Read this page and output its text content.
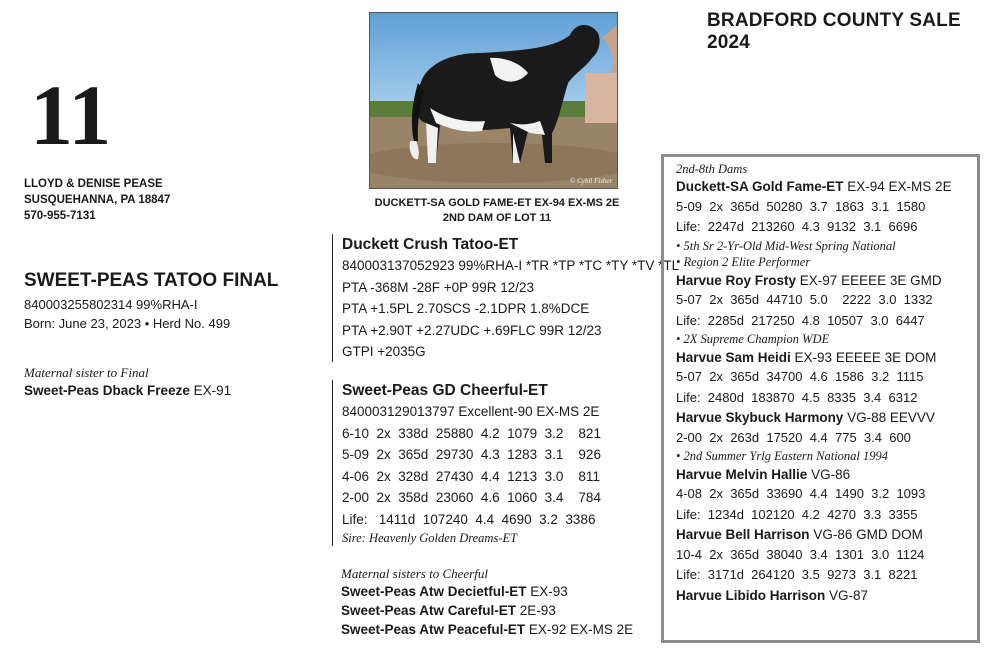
BRADFORD COUNTY SALE 2024
11
LLOYD & DENISE PEASE
SUSQUEHANNA, PA 18847
570-955-7131
SWEET-PEAS TATOO FINAL
840003255802314 99%RHA-I
Born: June 23, 2023 • Herd No. 499
Maternal sister to Final
Sweet-Peas Dback Freeze EX-91
© Cybil Fisher
DUCKETT-SA GOLD FAME-ET EX-94 EX-MS 2E
2ND DAM OF LOT 11
Duckett Crush Tatoo-ET
840003137052923 99%RHA-I *TR *TP *TC *TY *TV *TL
PTA -368M -28F +0P 99R 12/23
PTA +1.5PL 2.70SCS -2.1DPR 1.8%DCE
PTA +2.90T +2.27UDC +.69FLC 99R 12/23
GTPI +2035G
Sweet-Peas GD Cheerful-ET
840003129013797 Excellent-90 EX-MS 2E
6-10  2x  338d  25880  4.2  1079  3.2    821
5-09  2x  365d  29730  4.3  1283  3.1    926
4-06  2x  328d  27430  4.4  1213  3.0    811
2-00  2x  358d  23060  4.6  1060  3.4    784
Life:   1411d  107240  4.4  4690  3.2  3386
Sire: Heavenly Golden Dreams-ET
Maternal sisters to Cheerful
Sweet-Peas Atw Decietful-ET EX-93
Sweet-Peas Atw Careful-ET 2E-93
Sweet-Peas Atw Peaceful-ET EX-92 EX-MS 2E
2nd-8th Dams
Duckett-SA Gold Fame-ET EX-94 EX-MS 2E
5-09  2x  365d  50280  3.7  1863  3.1  1580
Life:  2247d  213260  4.3  9132  3.1  6696
• 5th Sr 2-Yr-Old Mid-West Spring National
• Region 2 Elite Performer
Harvue Roy Frosty EX-97 EEEEE 3E GMD
5-07  2x  365d  44710  5.0    2222  3.0  1332
Life:  2285d  217250  4.8  10507  3.0  6447
• 2X Supreme Champion WDE
Harvue Sam Heidi EX-93 EEEEE 3E DOM
5-07  2x  365d  34700  4.6  1586  3.2  1115
Life:  2480d  183870  4.5  8335  3.4  6312
Harvue Skybuck Harmony VG-88 EEVVV
2-00  2x  263d  17520  4.4  775  3.4  600
• 2nd Summer Yrlg Eastern National 1994
Harvue Melvin Hallie VG-86
4-08  2x  365d  33690  4.4  1490  3.2  1093
Life:  1234d  102120  4.2  4270  3.3  3355
Harvue Bell Harrison VG-86 GMD DOM
10-4  2x  365d  38040  3.4  1301  3.0  1124
Life:  3171d  264120  3.5  9273  3.1  8221
Harvue Libido Harrison VG-87
